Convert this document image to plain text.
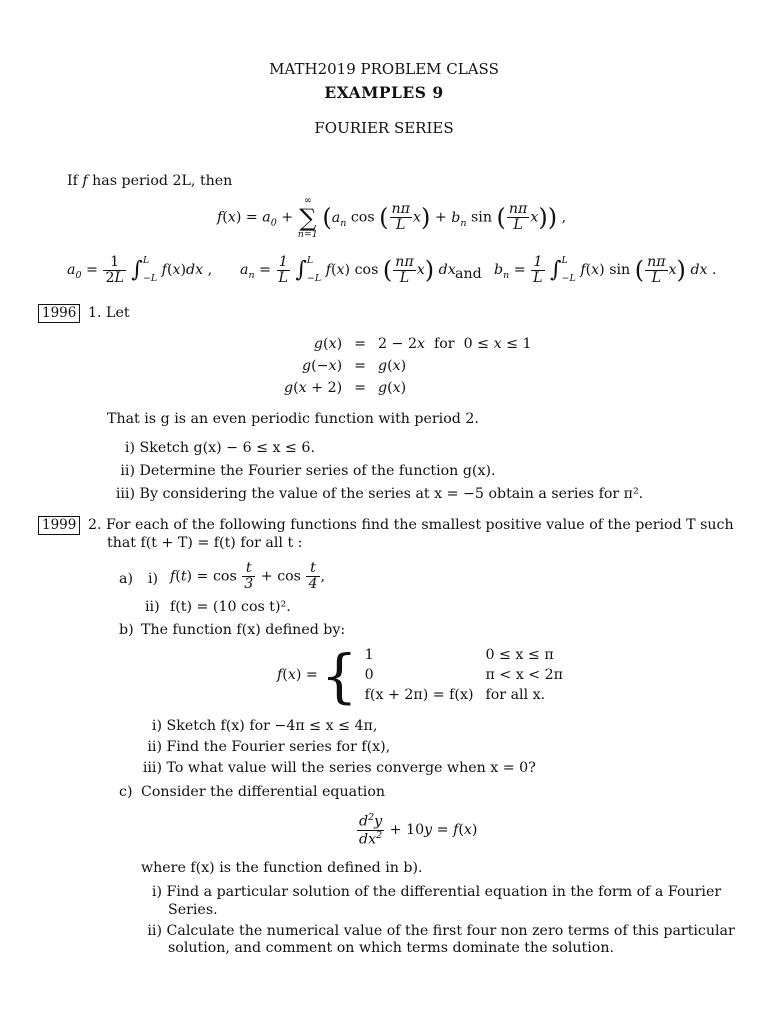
MATH2019 PROBLEM CLASS
EXAMPLES 9
FOURIER SERIES
If f has period 2L, then
$f(x) = a_0$ +
∞
∑
n=1
($a_n$ cos ( $\frac{n\pi}{L} x) + b_n$ sin ( $\frac{n\pi}{L} x$)) ,
$a_0 = \frac{1}{2L} \int L$
−L f(x)dx , $a_n = \frac{1}{L} \int L$
−L f(x) cos ( $\frac{n\pi}{L} x$) dx and $b_n = \frac{1}{L} \int L$
−L f(x) sin ( $\frac{n\pi}{L} x$) dx .
1996 1. Let
g(x)	=	2 − 2x  for  0 ≤ x ≤ 1
g(−x)	=	g(x)
g(x + 2)	=	g(x)
That is g is an even periodic function with period 2.
i) Sketch g(x) − 6 ≤ x ≤ 6.
ii) Determine the Fourier series of the function g(x).
iii) By considering the value of the series at x = −5 obtain a series for π².
1999 2. For each of the following functions find the smallest positive value of the period T such
that f(t + T) = f(t) for all t :
a) i) $f(t) = \cos \frac{t}{3} + \cos \frac{t}{4}$ ,
ii) f(t) = (10 cos t)².
b) The function f(x) defined by:
f(x) =	{	1	0 ≤ x ≤ π
		0	π < x < 2π
		f(x + 2π) = f(x)	for all x.
i) Sketch f(x) for −4π ≤ x ≤ 4π,
ii) Find the Fourier series for f(x),
iii) To what value will the series converge when x = 0?
c) Consider the differential equation
$\frac{d^2y}{dx^2} + 10y = f(x)$
where f(x) is the function defined in b).
i) Find a particular solution of the differential equation in the form of a Fourier
Series.
ii) Calculate the numerical value of the first four non zero terms of this particular
solution, and comment on which terms dominate the solution.
